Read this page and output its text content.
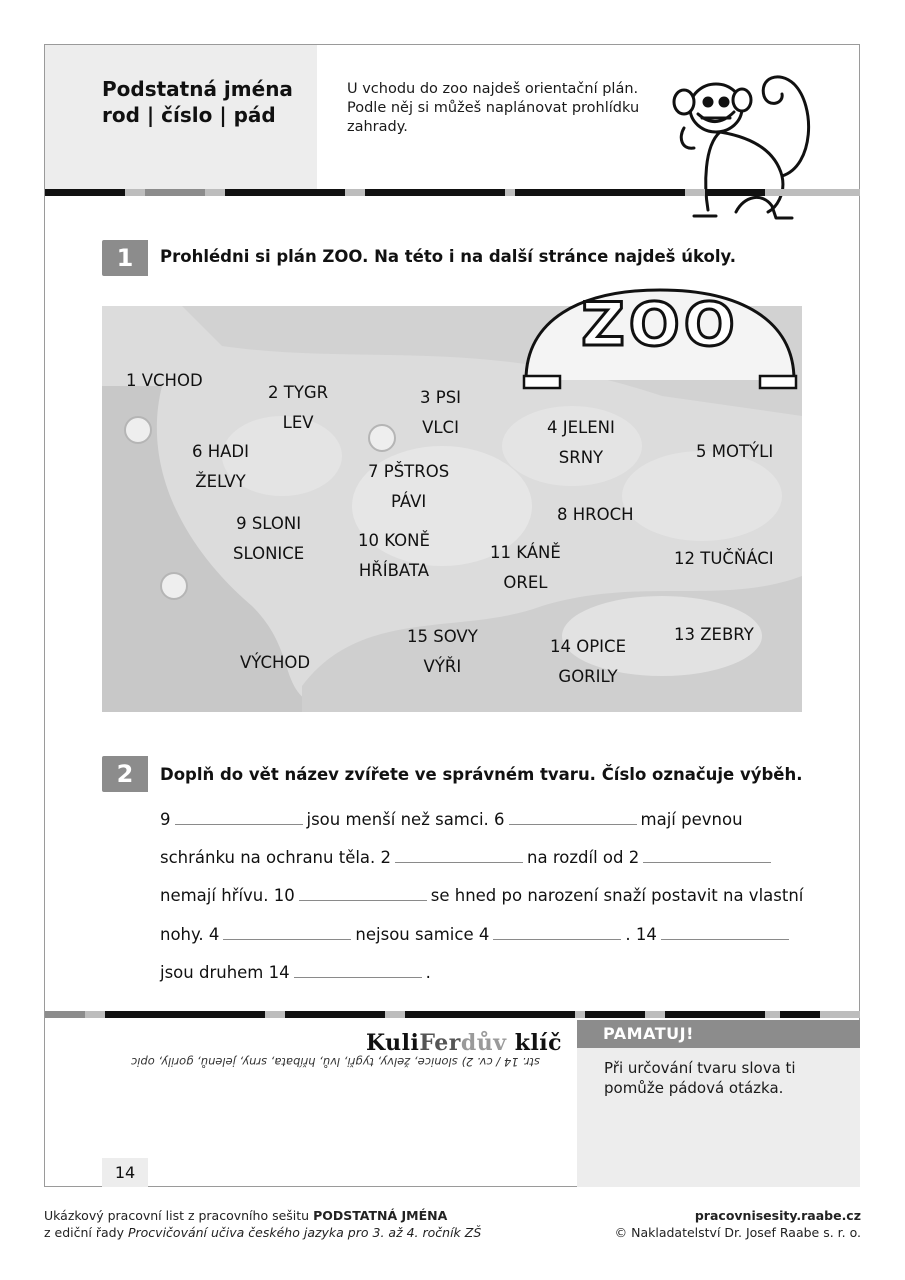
Podstatná jména
rod | číslo | pád
U vchodu do zoo najdeš orientační plán.
Podle něj si můžeš naplánovat prohlídku
zahrady.
1	Prohlédni si plán ZOO. Na této i na další stránce najdeš úkoly.
1 VCHOD
2 TYGR
LEV
3 PSI
VLCI	4 JELENI
SRNY	5 MOTÝLI
6 HADI
ŽELVY
7 PŠTROS
PÁVI
8 HROCH
9 SLONI
SLONICE
10 KONĚ
HŘÍBATA
11 KÁNĚ
OREL
12 TUČŇÁCI
13 ZEBRY
14 OPICE
GORILY
15 SOVY
VÝŘI
VÝCHOD
ZOO
2	Doplň do vět název zvířete ve správném tvaru. Číslo označuje výběh.
9	jsou menší než samci. 6	mají pevnou
schránku na ochranu těla. 2	na rozdíl od 2
nemají hřívu. 10	se hned po narození snaží postavit na vlastní
nohy. 4	nejsou samice 4	. 14
jsou druhem 14	.
KuliFerdův klíč
str. 14 / cv. 2) slonice, želvy, tygři, lvů, hříbata, srny, jelenů, gorily, opic
PAMATUJ!
Při určování tvaru slova ti
pomůže pádová otázka.
14
Ukázkový pracovní list z pracovního sešitu PODSTATNÁ JMÉNA
z ediční řady Procvičování učiva českého jazyka pro 3. až 4. ročník ZŠ
pracovnisesity.raabe.cz
© Nakladatelství Dr. Josef Raabe s. r. o.
